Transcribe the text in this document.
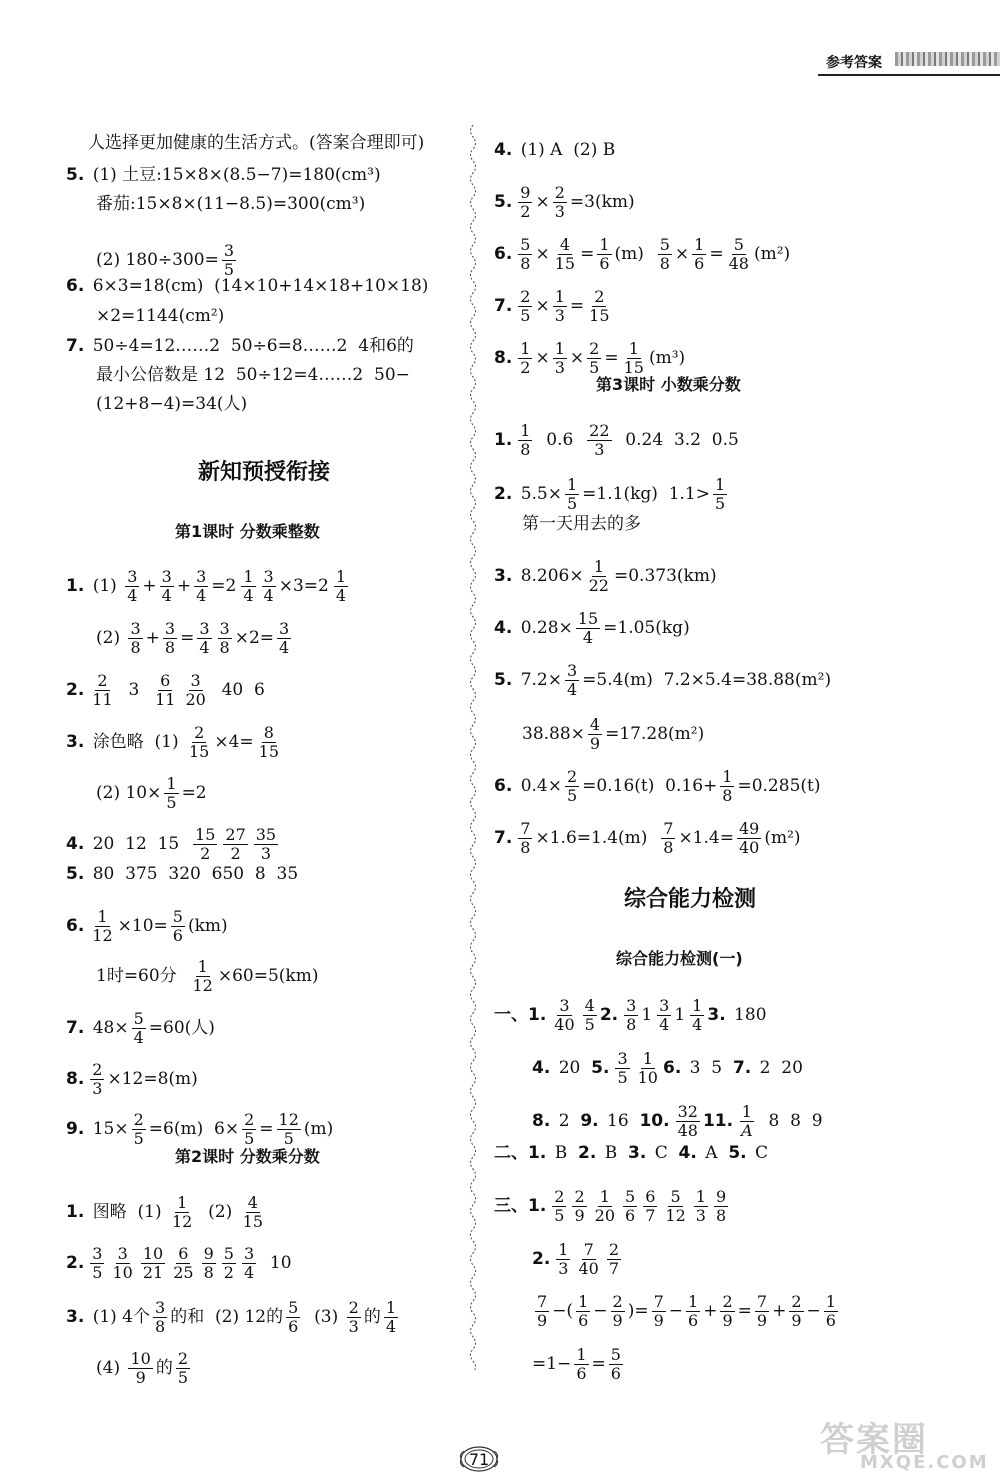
参考答案
人选择更加健康的生活方式。(答案合理即可)
5. (1) 土豆:15×8×(8.5−7)=180(cm³)
番茄:15×8×(11−8.5)=300(cm³)
(2) $180\div 300= \frac{3}{5}$
6. 6×3=18(cm)  (14×10+14×18+10×18)
×2=1144(cm²)
7. 50÷4=12……2  50÷6=8……2  4和6的
最小公倍数是 12  50÷12=4……2  50−
(12+8−4)=34(人)
1. $(1) \frac{3}{4} + \frac{3}{4} + \frac{3}{4} = 2 \frac{1}{4} \frac{3}{4} \times 3= 2 \frac{1}{4}$
$(2) \frac{3}{8} + \frac{3}{8} = \frac{3}{4} \frac{3}{8} \times 2= \frac{3}{4}$
2. $\frac{2}{11} 3 \frac{6}{11} \frac{3}{20} 40$  6
3. 涂色略  $(1) \frac{2}{15} \times 4= \frac{8}{15}$
(2) $10\times \frac{1}{5} =2$
4. 20  12  $15 \frac{15}{2} \frac{27}{2} \frac{35}{3}$
5. 80  375  320  650  8  35
6. $\frac{1}{12} \times 10= \frac{5}{6} (km)$
1时=60分 $\frac{1}{12} \times 60=5(km)$
7. $48\times \frac{5}{4} =60$(人)
8. $\frac{2}{3} \times 12=8(m)$
9. $15\times \frac{2}{5} =6(m)$  $6\times \frac{2}{5} = \frac{12}{5} (m)$
1. 图略  $(1) \frac{1}{12} (2) \frac{4}{15}$
2. $\frac{3}{5} \frac{3}{10} \frac{10}{21} \frac{6}{25} \frac{9}{8} \frac{5}{2} \frac{3}{4} 10$
3. (1) 4个 $\frac{3}{8}$ 的和  (2) 12的 $\frac{5}{6} (3) \frac{2}{3}$ 的 $\frac{1}{4}$
$(4) \frac{10}{9}$ 的 $\frac{2}{5}$
4. (1) A  (2) B
5. $\frac{9}{2} \times \frac{2}{3} =3(km)$
6. $\frac{5}{8} \times \frac{4}{15} = \frac{1}{6} (m) \frac{5}{8} \times \frac{1}{6} = \frac{5}{48} (m^2)$
7. $\frac{2}{5} \times \frac{1}{3} = \frac{2}{15}$
8. $\frac{1}{2} \times \frac{1}{3} \times \frac{2}{5} = \frac{1}{15} (m^3)$
1. $\frac{1}{8} 0.6 \frac{22}{3} 0.24$  3.2  0.5
2. $5.5\times \frac{1}{5} =1.1(kg)$  $1.1> \frac{1}{5}$
第一天用去的多
3. $8.206\times \frac{1}{22} =0.373(km)$
4. $0.28\times \frac{15}{4} =1.05(kg)$
5. $7.2\times \frac{3}{4} =5.4(m)$  7.2×5.4=38.88(m²)
$38.88\times \frac{4}{9} =17.28(m^2)$
6. $0.4\times \frac{2}{5} =0.16(t)$  $0.16+ \frac{1}{8} =0.285(t)$
7. $\frac{7}{8} \times 1.6=1.4(m) \frac{7}{8} \times 1.4= \frac{49}{40} (m^2)$
一、1. $\frac{3}{40} \frac{4}{5} 2$. $\frac{3}{8} 1 \frac{3}{4} 1 \frac{1}{4} 3$. 180
4. 20 5. $\frac{3}{5} \frac{1}{10} 6$. 3  5 7. 2  20
8. 2 9. 16 10. $\frac{32}{48} 11$. $\frac{1}{A} 8$  8  9
二、1. B 2. B 3. C 4. A 5. C
三、1. $\frac{2}{5} \frac{2}{9} \frac{1}{20} \frac{5}{6} \frac{6}{7} \frac{5}{12} \frac{1}{3} \frac{9}{8}$
2. $\frac{1}{3} \frac{7}{40} \frac{2}{7}$
$\frac{7}{9}$ −( $\frac{1}{6} - \frac{2}{9}$ )= $\frac{7}{9} - \frac{1}{6} + \frac{2}{9} = \frac{7}{9} + \frac{2}{9} - \frac{1}{6}$
$=1- \frac{1}{6} = \frac{5}{6}$
新知预授衔接
第1课时 分数乘整数
第2课时 分数乘分数
第3课时 小数乘分数
综合能力检测
综合能力检测(一)
71	答案圈
MXQE.COM
